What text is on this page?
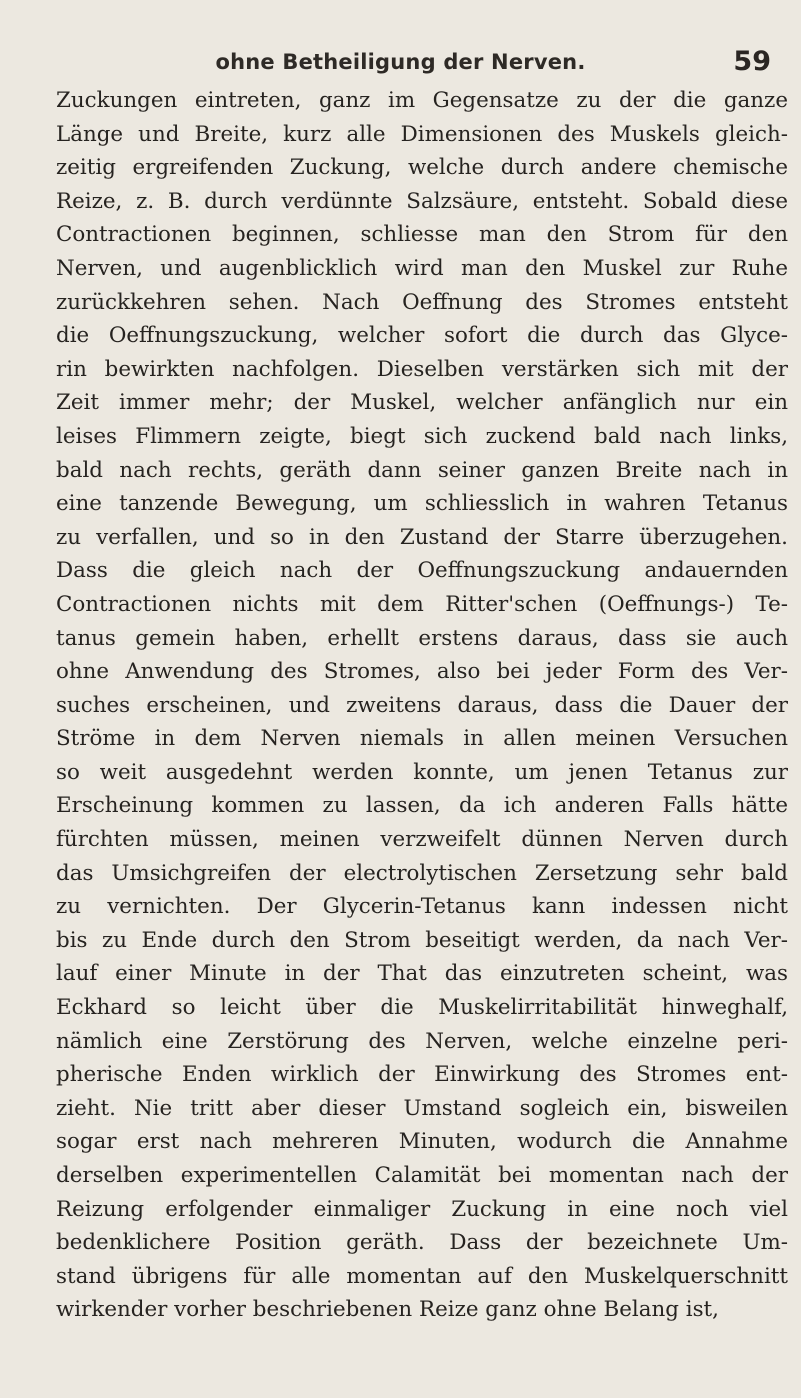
ohne Betheiligung der Nerven.	59
Zuckungen eintreten, ganz im Gegensatze zu der die ganze
Länge und Breite, kurz alle Dimensionen des Muskels gleich-
zeitig ergreifenden Zuckung, welche durch andere chemische
Reize, z. B. durch verdünnte Salzsäure, entsteht. Sobald diese
Contractionen beginnen, schliesse man den Strom für den
Nerven, und augenblicklich wird man den Muskel zur Ruhe
zurückkehren sehen. Nach Oeffnung des Stromes entsteht
die Oeffnungszuckung, welcher sofort die durch das Glyce-
rin bewirkten nachfolgen. Dieselben verstärken sich mit der
Zeit immer mehr; der Muskel, welcher anfänglich nur ein
leises Flimmern zeigte, biegt sich zuckend bald nach links,
bald nach rechts, geräth dann seiner ganzen Breite nach in
eine tanzende Bewegung, um schliesslich in wahren Tetanus
zu verfallen, und so in den Zustand der Starre überzugehen.
Dass die gleich nach der Oeffnungszuckung andauernden
Contractionen nichts mit dem Ritter'schen (Oeffnungs-) Te-
tanus gemein haben, erhellt erstens daraus, dass sie auch
ohne Anwendung des Stromes, also bei jeder Form des Ver-
suches erscheinen, und zweitens daraus, dass die Dauer der
Ströme in dem Nerven niemals in allen meinen Versuchen
so weit ausgedehnt werden konnte, um jenen Tetanus zur
Erscheinung kommen zu lassen, da ich anderen Falls hätte
fürchten müssen, meinen verzweifelt dünnen Nerven durch
das Umsichgreifen der electrolytischen Zersetzung sehr bald
zu vernichten. Der Glycerin-Tetanus kann indessen nicht
bis zu Ende durch den Strom beseitigt werden, da nach Ver-
lauf einer Minute in der That das einzutreten scheint, was
Eckhard so leicht über die Muskelirritabilität hinweghalf,
nämlich eine Zerstörung des Nerven, welche einzelne peri-
pherische Enden wirklich der Einwirkung des Stromes ent-
zieht. Nie tritt aber dieser Umstand sogleich ein, bisweilen
sogar erst nach mehreren Minuten, wodurch die Annahme
derselben experimentellen Calamität bei momentan nach der
Reizung erfolgender einmaliger Zuckung in eine noch viel
bedenklichere Position geräth. Dass der bezeichnete Um-
stand übrigens für alle momentan auf den Muskelquerschnitt
wirkender vorher beschriebenen Reize ganz ohne Belang ist,
